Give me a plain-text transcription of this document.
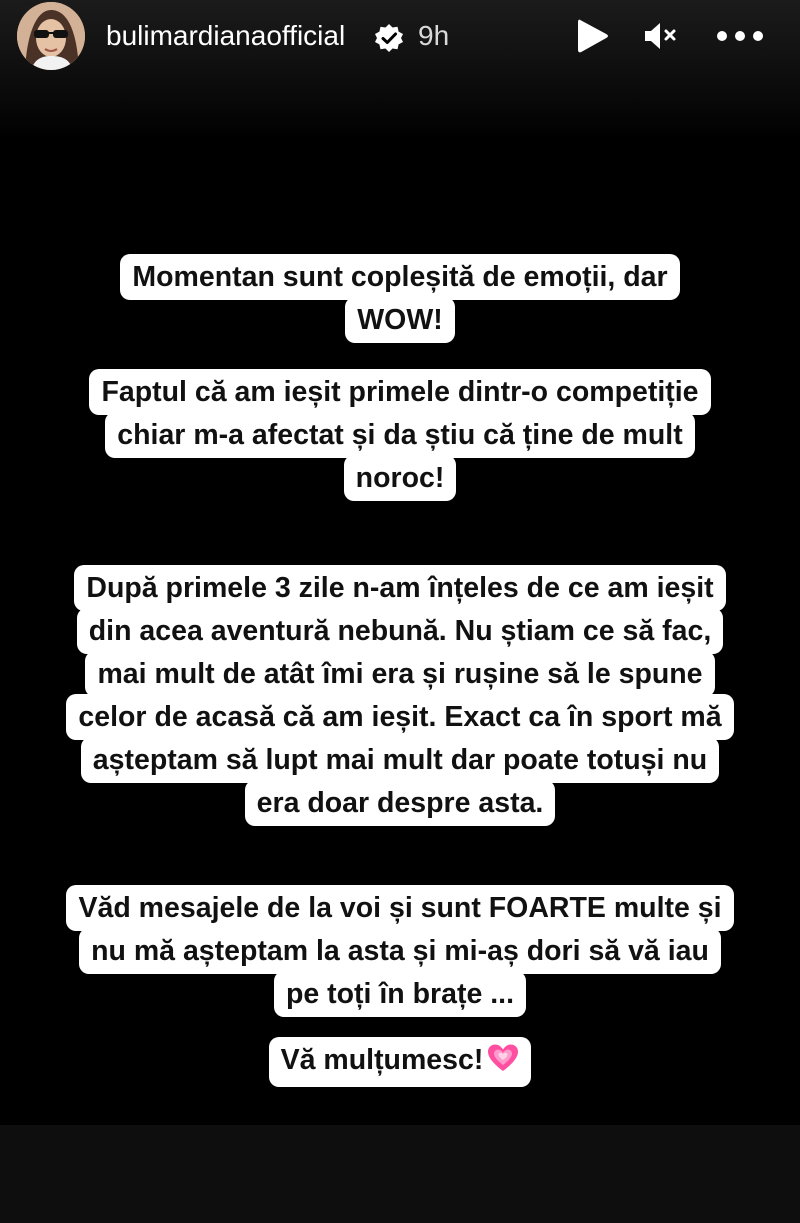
bulimardianaofficial	9h
Momentan sunt copleșită de emoții, dar
WOW!
Faptul că am ieșit primele dintr-o competiție
chiar m-a afectat și da știu că ține de mult
noroc!
După primele 3 zile n-am înțeles de ce am ieșit
din acea aventură nebună. Nu știam ce să fac,
mai mult de atât îmi era și rușine să le spune
celor de acasă că am ieșit. Exact ca în sport mă
așteptam să lupt mai mult dar poate totuși nu
era doar despre asta.
Văd mesajele de la voi și sunt FOARTE multe și
nu mă așteptam la asta și mi-aș dori să vă iau
pe toți în brațe ...
Vă mulțumesc!
